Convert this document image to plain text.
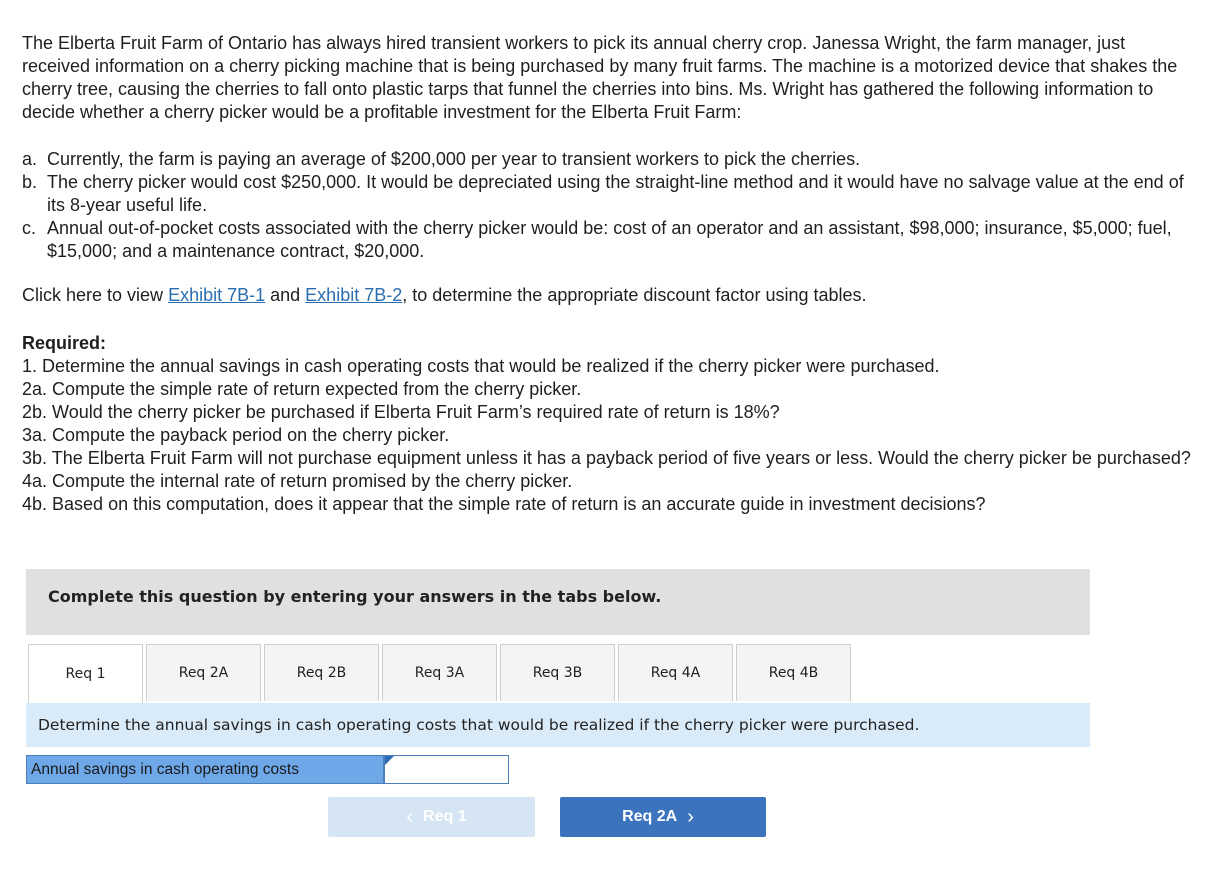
The Elberta Fruit Farm of Ontario has always hired transient workers to pick its annual cherry crop. Janessa Wright, the farm manager, just received information on a cherry picking machine that is being purchased by many fruit farms. The machine is a motorized device that shakes the cherry tree, causing the cherries to fall onto plastic tarps that funnel the cherries into bins. Ms. Wright has gathered the following information to decide whether a cherry picker would be a profitable investment for the Elberta Fruit Farm:

a. Currently, the farm is paying an average of $200,000 per year to transient workers to pick the cherries.
b. The cherry picker would cost $250,000. It would be depreciated using the straight-line method and it would have no salvage value at the end of its 8-year useful life.
c. Annual out-of-pocket costs associated with the cherry picker would be: cost of an operator and an assistant, $98,000; insurance, $5,000; fuel, $15,000; and a maintenance contract, $20,000.

Click here to view Exhibit 7B-1 and Exhibit 7B-2, to determine the appropriate discount factor using tables.

Required:
1. Determine the annual savings in cash operating costs that would be realized if the cherry picker were purchased.
2a. Compute the simple rate of return expected from the cherry picker.
2b. Would the cherry picker be purchased if Elberta Fruit Farm’s required rate of return is 18%?
3a. Compute the payback period on the cherry picker.
3b. The Elberta Fruit Farm will not purchase equipment unless it has a payback period of five years or less. Would the cherry picker be purchased?
4a. Compute the internal rate of return promised by the cherry picker.
4b. Based on this computation, does it appear that the simple rate of return is an accurate guide in investment decisions?
Complete this question by entering your answers in the tabs below.
Req 1	Req 2A	Req 2B	Req 3A	Req 3B	Req 4A	Req 4B
Determine the annual savings in cash operating costs that would be realized if the cherry picker were purchased.
Annual savings in cash operating costs
‹ Req 1	Req 2A ›
